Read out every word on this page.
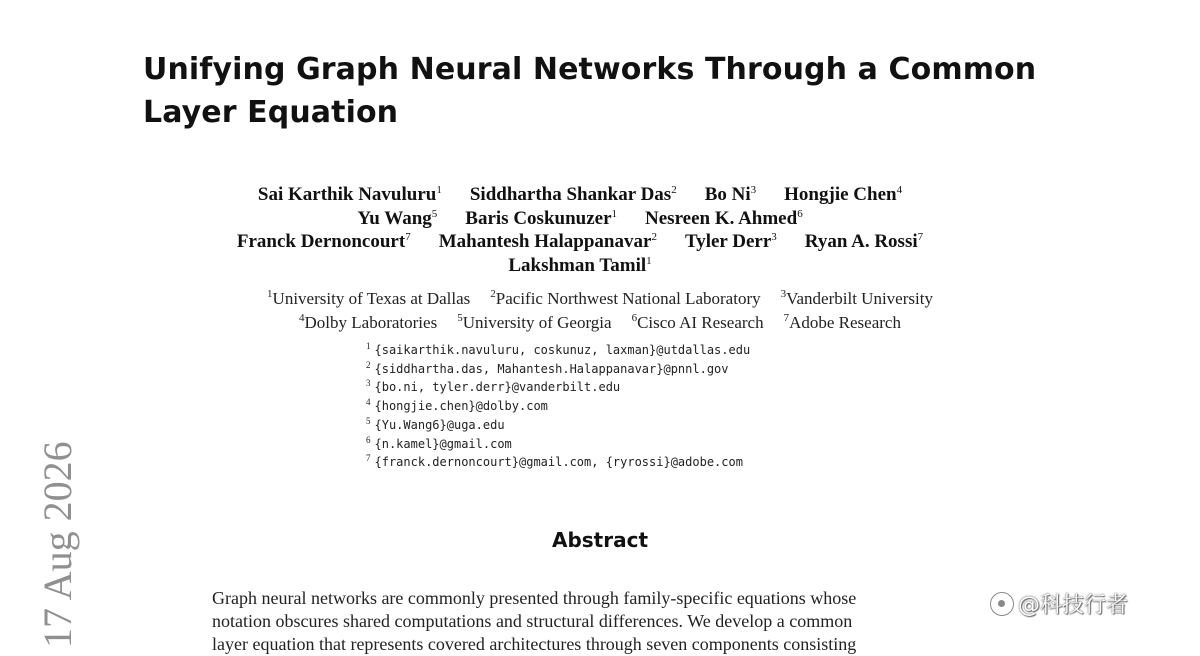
Unifying Graph Neural Networks Through a Common Layer Equation
Sai Karthik Navuluru$^1$ Siddhartha Shankar Das$^2$ Bo Ni$^3$ Hongjie Chen$^4$
Yu Wang$^5$ Baris Coskunuzer$^1$ Nesreen K. Ahmed$^6$
Franck Dernoncourt$^7$ Mahantesh Halappanavar$^2$ Tyler Derr$^3$ Ryan A. Rossi$^7$
Lakshman Tamil$^1$
$^1$University of Texas at Dallas $^2$Pacific Northwest National Laboratory $^3$Vanderbilt University
$^4$Dolby Laboratories $^5$University of Georgia $^6$Cisco AI Research $^7$Adobe Research
$^1$ {saikarthik.navuluru, coskunuz, laxman}@utdallas.edu
$^2$ {siddhartha.das, Mahantesh.Halappanavar}@pnnl.gov
$^3$ {bo.ni, tyler.derr}@vanderbilt.edu
$^4$ {hongjie.chen}@dolby.com
$^5$ {Yu.Wang6}@uga.edu
$^6$ {n.kamel}@gmail.com
$^7$ {franck.dernoncourt}@gmail.com, {ryrossi}@adobe.com
Abstract
Graph neural networks are commonly presented through family-specific equations whose
notation obscures shared computations and structural differences. We develop a common
layer equation that represents covered architectures through seven components consisting
17 Aug 2026	@科技行者
